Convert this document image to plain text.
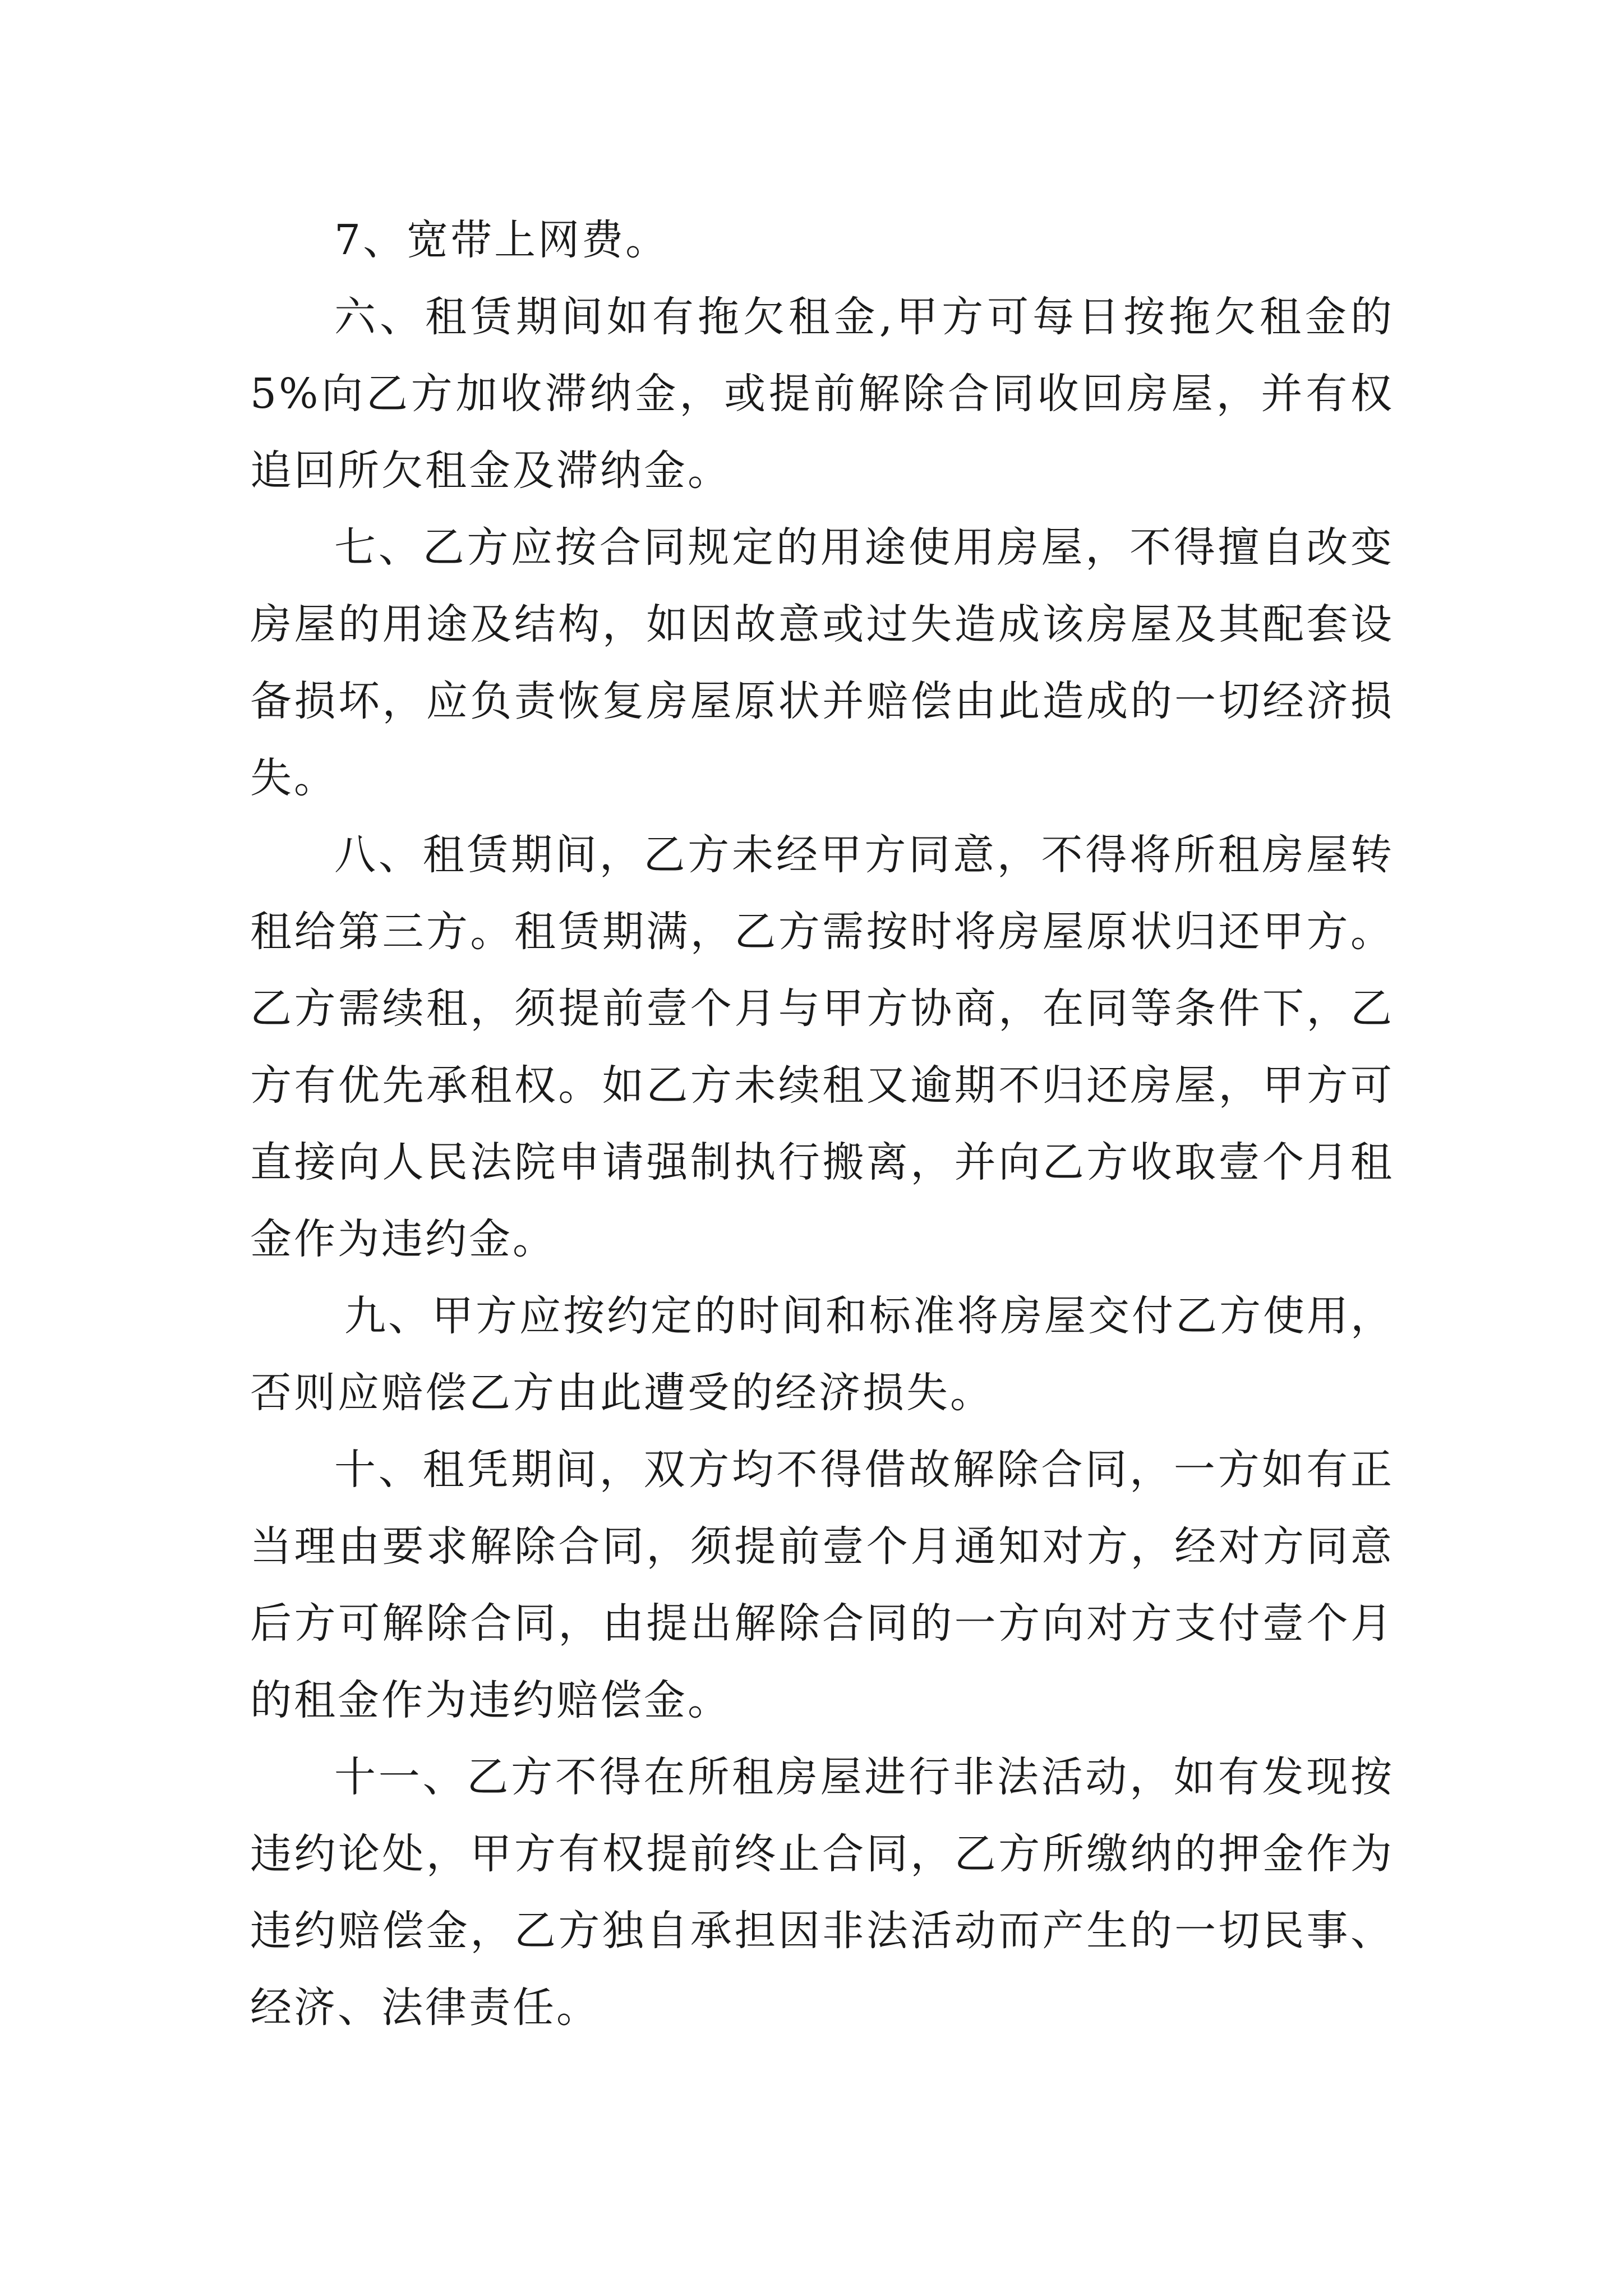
7、宽带上网费。

六、租赁期间如有拖欠租金,甲方可每日按拖欠租金的5%向乙方加收滞纳金，或提前解除合同收回房屋，并有权追回所欠租金及滞纳金。

七、乙方应按合同规定的用途使用房屋，不得擅自改变房屋的用途及结构，如因故意或过失造成该房屋及其配套设备损坏，应负责恢复房屋原状并赔偿由此造成的一切经济损失。

八、租赁期间，乙方未经甲方同意，不得将所租房屋转租给第三方。租赁期满，乙方需按时将房屋原状归还甲方。乙方需续租，须提前壹个月与甲方协商，在同等条件下，乙方有优先承租权。如乙方未续租又逾期不归还房屋，甲方可直接向人民法院申请强制执行搬离，并向乙方收取壹个月租金作为违约金。

九、甲方应按约定的时间和标准将房屋交付乙方使用，否则应赔偿乙方由此遭受的经济损失。

十、租凭期间，双方均不得借故解除合同，一方如有正当理由要求解除合同，须提前壹个月通知对方，经对方同意后方可解除合同，由提出解除合同的一方向对方支付壹个月的租金作为违约赔偿金。

十一、乙方不得在所租房屋进行非法活动，如有发现按违约论处，甲方有权提前终止合同，乙方所缴纳的押金作为违约赔偿金，乙方独自承担因非法活动而产生的一切民事、经济、法律责任。
